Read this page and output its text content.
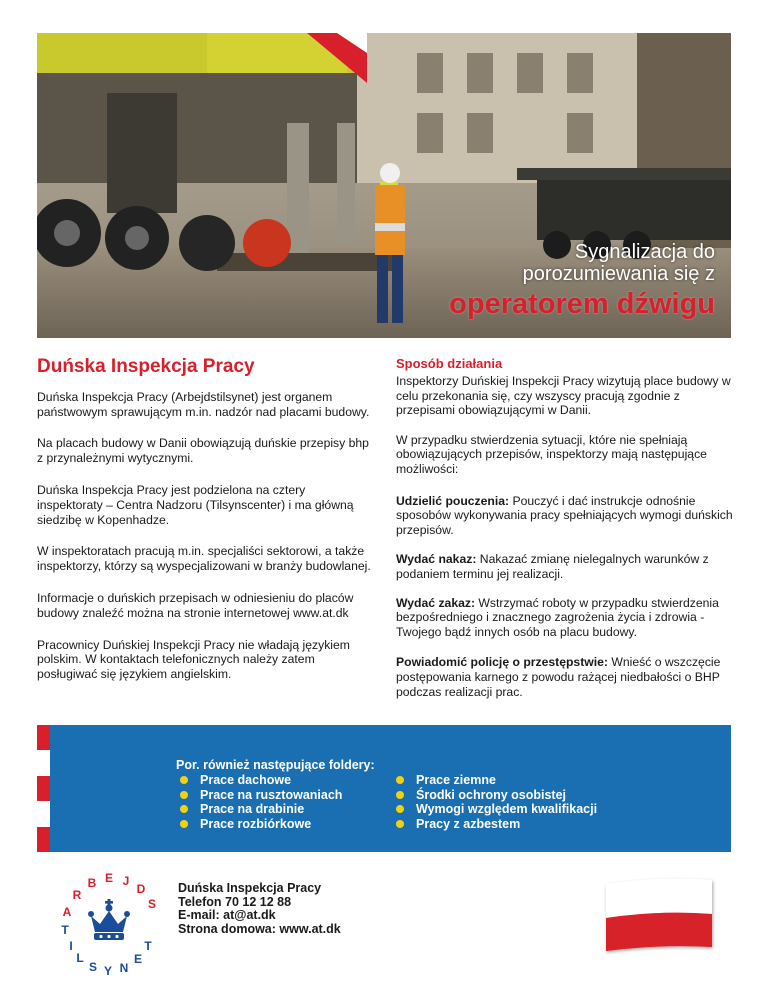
Sygnalizacja do
porozumiewania się z
operatorem dźwigu
Duńska Inspekcja Pracy

Duńska Inspekcja Pracy (Arbejdstilsynet) jest organem państwowym sprawującym m.in. nadzór nad placami budowy.

Na placach budowy w Danii obowiązują duńskie przepisy bhp z przynależnymi wytycznymi.

Duńska Inspekcja Pracy jest podzielona na cztery inspektoraty – Centra Nadzoru (Tilsynscenter) i ma główną siedzibę w Kopenhadze.

W inspektoratach pracują m.in. specjaliści sektorowi, a także inspektorzy, którzy są wyspecjalizowani w branży budowlanej.

Informacje o duńskich przepisach w odniesieniu do placów budowy znaleźć można na stronie internetowej www.at.dk

Pracownicy Duńskiej Inspekcji Pracy nie władają językiem polskim. W kontaktach telefonicznych należy zatem posługiwać się językiem angielskim.

Sposób działania

Inspektorzy Duńskiej Inspekcji Pracy wizytują place budowy w celu przekonania się, czy wszyscy pracują zgodnie z przepisami obowiązującymi w Danii.

W przypadku stwierdzenia sytuacji, które nie spełniają obowiązujących przepisów, inspektorzy mają następujące możliwości:

Udzielić pouczenia: Pouczyć i dać instrukcje odnośnie sposobów wykonywania pracy spełniających wymogi duńskich przepisów.

Wydać nakaz: Nakazać zmianę nielegalnych warunków z podaniem terminu jej realizacji.

Wydać zakaz: Wstrzymać roboty w przypadku stwierdzenia bezpośredniego i znacznego zagrożenia życia i zdrowia - Twojego bądź innych osób na placu budowy.

Powiadomić policję o przestępstwie: Wnieść o wszczęcie postępowania karnego z powodu rażącej niedbałości o BHP podczas realizacji prac.

Por. również następujące foldery:
Prace dachowe
Prace na rusztowaniach
Prace na drabinie
Prace rozbiórkowe
Prace ziemne
Środki ochrony osobistej
Wymogi względem kwalifikacji
Pracy z azbestem
A
R
B E J
D
S
T
I
L
S Y N
E
T
Duńska Inspekcja Pracy
Telefon 70 12 12 88
E-mail: at@at.dk
Strona domowa: www.at.dk
